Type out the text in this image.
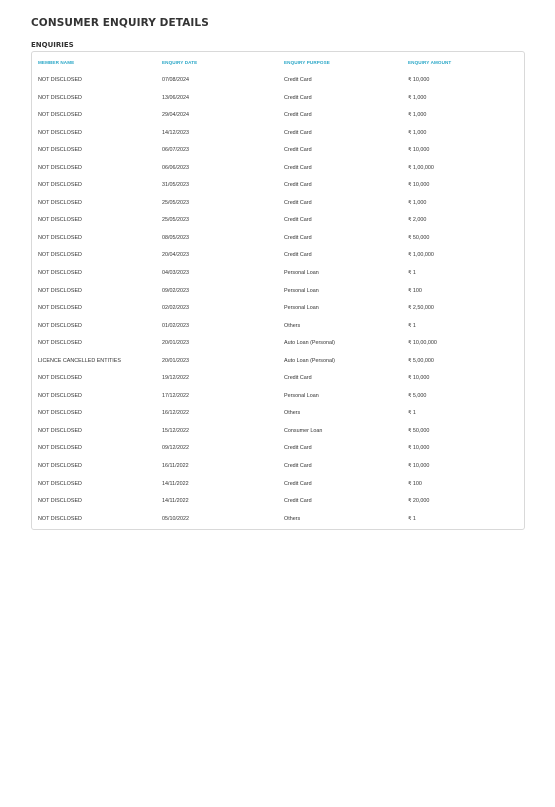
CONSUMER ENQUIRY DETAILS
ENQUIRIES
MEMBER NAME	ENQUIRY DATE	ENQUIRY PURPOSE	ENQUIRY AMOUNT
NOT DISCLOSED	07/08/2024	Credit Card	₹ 10,000
NOT DISCLOSED	13/06/2024	Credit Card	₹ 1,000
NOT DISCLOSED	29/04/2024	Credit Card	₹ 1,000
NOT DISCLOSED	14/12/2023	Credit Card	₹ 1,000
NOT DISCLOSED	06/07/2023	Credit Card	₹ 10,000
NOT DISCLOSED	06/06/2023	Credit Card	₹ 1,00,000
NOT DISCLOSED	31/05/2023	Credit Card	₹ 10,000
NOT DISCLOSED	25/05/2023	Credit Card	₹ 1,000
NOT DISCLOSED	25/05/2023	Credit Card	₹ 2,000
NOT DISCLOSED	08/05/2023	Credit Card	₹ 50,000
NOT DISCLOSED	20/04/2023	Credit Card	₹ 1,00,000
NOT DISCLOSED	04/03/2023	Personal Loan	₹ 1
NOT DISCLOSED	09/02/2023	Personal Loan	₹ 100
NOT DISCLOSED	02/02/2023	Personal Loan	₹ 2,50,000
NOT DISCLOSED	01/02/2023	Others	₹ 1
NOT DISCLOSED	20/01/2023	Auto Loan (Personal)	₹ 10,00,000
LICENCE CANCELLED ENTITIES	20/01/2023	Auto Loan (Personal)	₹ 5,00,000
NOT DISCLOSED	19/12/2022	Credit Card	₹ 10,000
NOT DISCLOSED	17/12/2022	Personal Loan	₹ 5,000
NOT DISCLOSED	16/12/2022	Others	₹ 1
NOT DISCLOSED	15/12/2022	Consumer Loan	₹ 50,000
NOT DISCLOSED	09/12/2022	Credit Card	₹ 10,000
NOT DISCLOSED	16/11/2022	Credit Card	₹ 10,000
NOT DISCLOSED	14/11/2022	Credit Card	₹ 100
NOT DISCLOSED	14/11/2022	Credit Card	₹ 20,000
NOT DISCLOSED	05/10/2022	Others	₹ 1
